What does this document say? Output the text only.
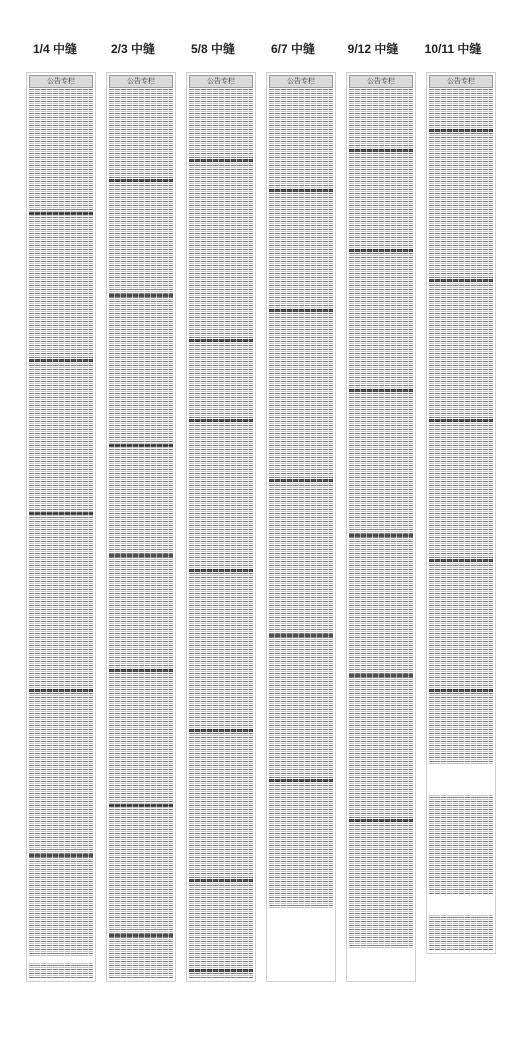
1/4 中缝	2/3 中缝	5/8 中缝	6/7 中缝	9/12 中缝	10/11 中缝
公告专栏	公告专栏	公告专栏	公告专栏	公告专栏	公告专栏
